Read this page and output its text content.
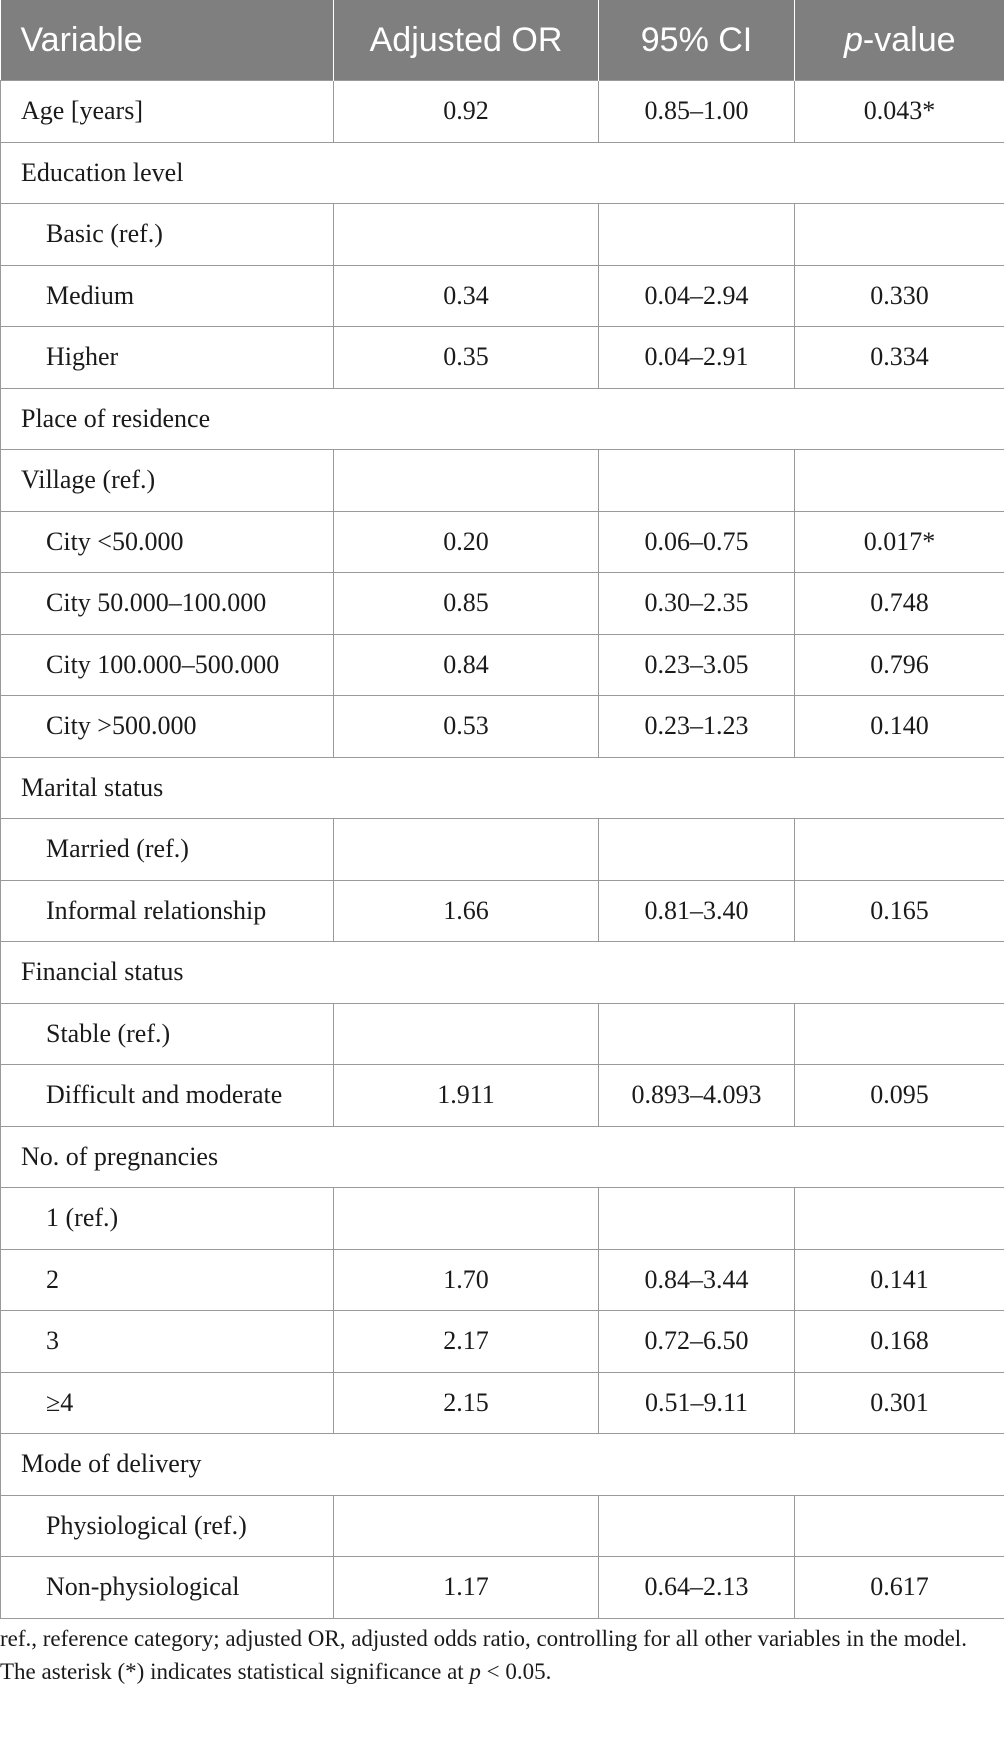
Variable	Adjusted OR	95% CI	p-value
Age [years]	0.92	0.85–1.00	0.043*
Education level			
Basic (ref.)			
Medium	0.34	0.04–2.94	0.330
Higher	0.35	0.04–2.91	0.334
Place of residence			
Village (ref.)			
City <50.000	0.20	0.06–0.75	0.017*
City 50.000–100.000	0.85	0.30–2.35	0.748
City 100.000–500.000	0.84	0.23–3.05	0.796
City >500.000	0.53	0.23–1.23	0.140
Marital status			
Married (ref.)			
Informal relationship	1.66	0.81–3.40	0.165
Financial status			
Stable (ref.)			
Difficult and moderate	1.911	0.893–4.093	0.095
No. of pregnancies			
1 (ref.)			
2	1.70	0.84–3.44	0.141
3	2.17	0.72–6.50	0.168
≥4	2.15	0.51–9.11	0.301
Mode of delivery			
Physiological (ref.)			
Non-physiological	1.17	0.64–2.13	0.617

ref., reference category; adjusted OR, adjusted odds ratio, controlling for all other variables in the model.

The asterisk (*) indicates statistical significance at p < 0.05.
